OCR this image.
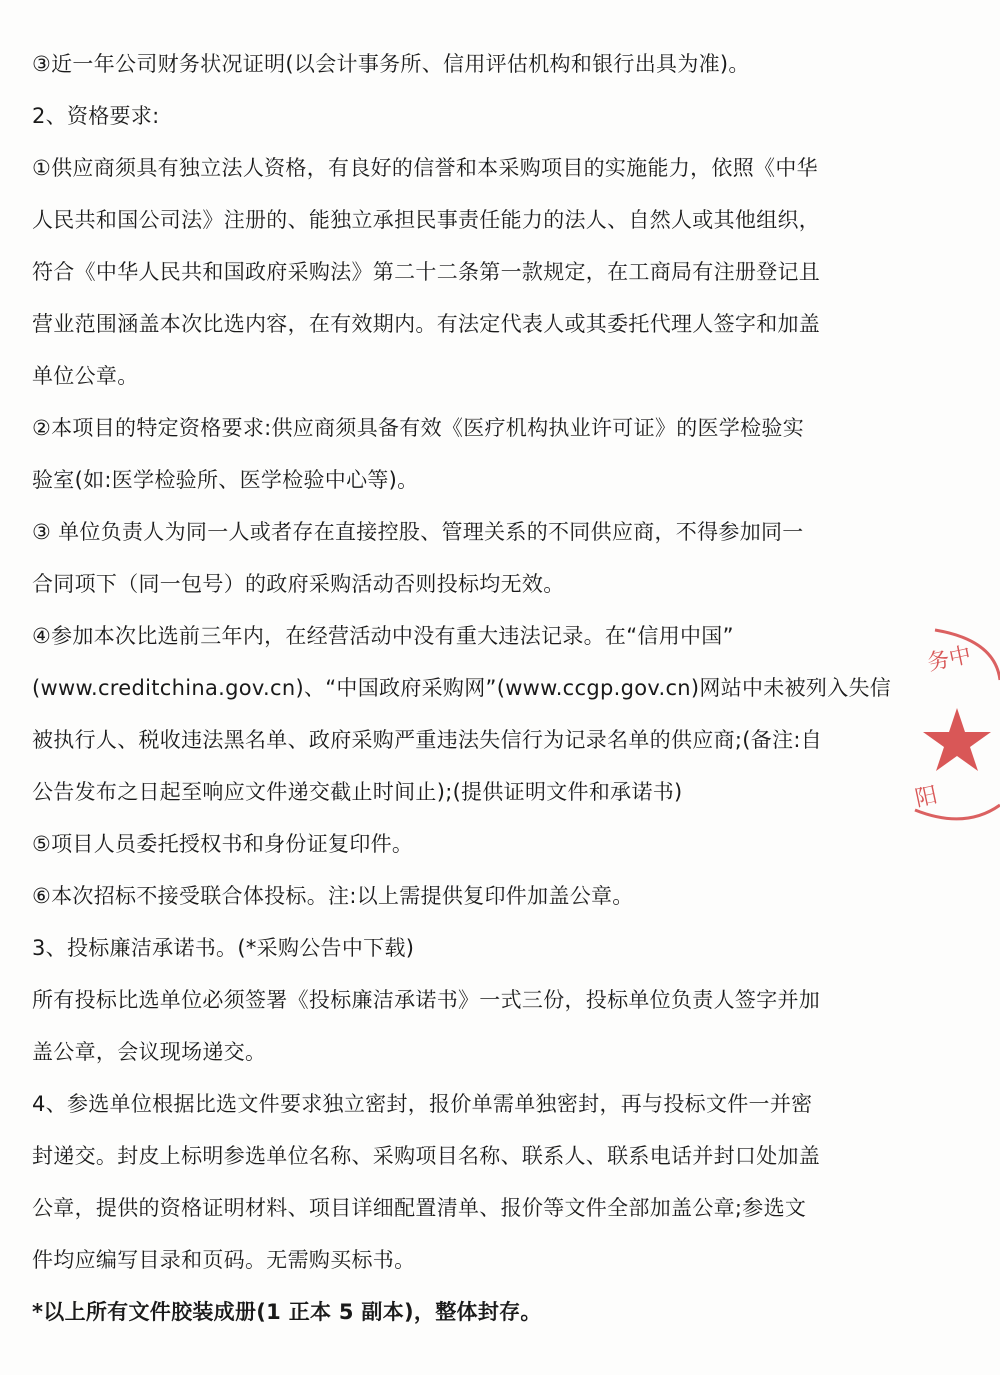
③近一年公司财务状况证明(以会计事务所、信用评估机构和银行出具为准)。
2、资格要求:
①供应商须具有独立法人资格，有良好的信誉和本采购项目的实施能力，依照《中华
人民共和国公司法》注册的、能独立承担民事责任能力的法人、自然人或其他组织，
符合《中华人民共和国政府采购法》第二十二条第一款规定，在工商局有注册登记且
营业范围涵盖本次比选内容，在有效期内。有法定代表人或其委托代理人签字和加盖
单位公章。
②本项目的特定资格要求:供应商须具备有效《医疗机构执业许可证》的医学检验实
验室(如:医学检验所、医学检验中心等)。
③ 单位负责人为同一人或者存在直接控股、管理关系的不同供应商，不得参加同一
合同项下（同一包号）的政府采购活动否则投标均无效。
④参加本次比选前三年内，在经营活动中没有重大违法记录。在“信用中国”
(www.creditchina.gov.cn)、“中国政府采购网”(www.ccgp.gov.cn)网站中未被列入失信
被执行人、税收违法黑名单、政府采购严重违法失信行为记录名单的供应商;(备注:自
公告发布之日起至响应文件递交截止时间止);(提供证明文件和承诺书)
⑤项目人员委托授权书和身份证复印件。
⑥本次招标不接受联合体投标。注:以上需提供复印件加盖公章。
3、投标廉洁承诺书。(*采购公告中下载)
所有投标比选单位必须签署《投标廉洁承诺书》一式三份，投标单位负责人签字并加
盖公章，会议现场递交。
4、参选单位根据比选文件要求独立密封，报价单需单独密封，再与投标文件一并密
封递交。封皮上标明参选单位名称、采购项目名称、联系人、联系电话并封口处加盖
公章，提供的资格证明材料、项目详细配置清单、报价等文件全部加盖公章;参选文
件均应编写目录和页码。无需购买标书。
*以上所有文件胶装成册(1 正本 5 副本)，整体封存。
务中
阳
